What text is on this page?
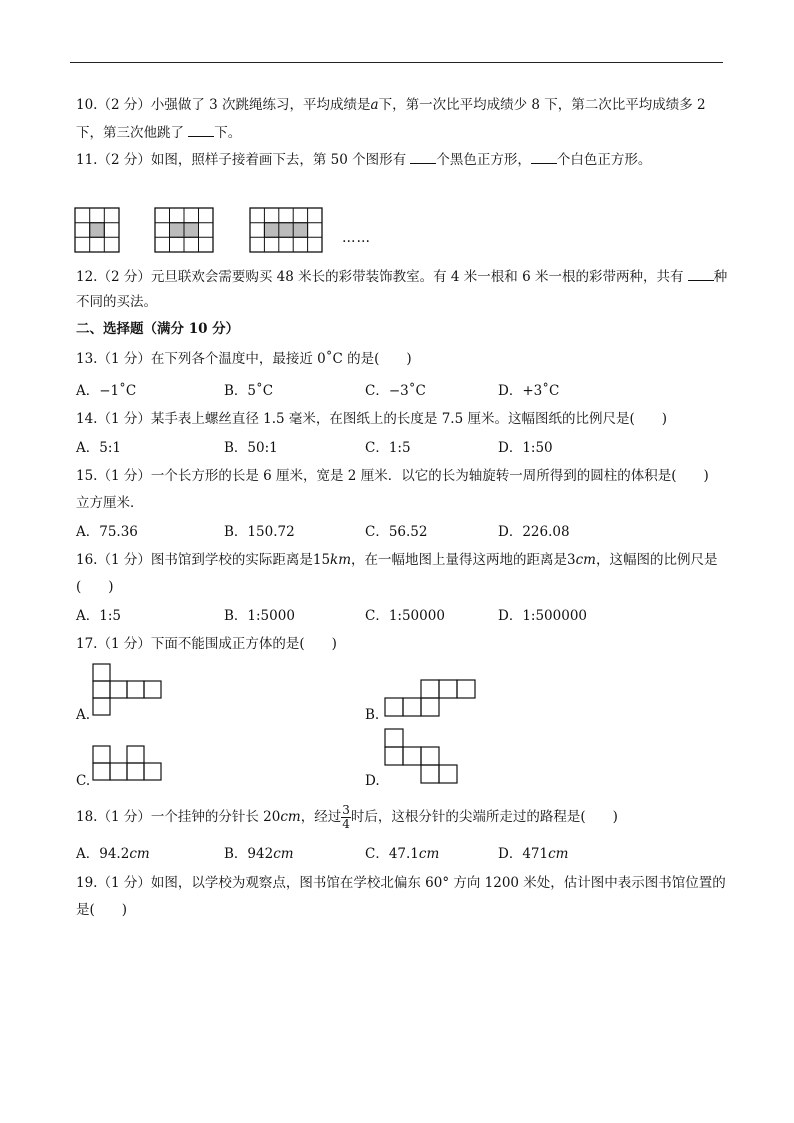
10.（2 分）小强做了 3 次跳绳练习，平均成绩是a下，第一次比平均成绩少 8 下，第二次比平均成绩多 2
下，第三次他跳了 下。
11.（2 分）如图，照样子接着画下去，第 50 个图形有 个黑色正方形， 个白色正方形。
……
12.（2 分）元旦联欢会需要购买 48 米长的彩带装饰教室。有 4 米一根和 6 米一根的彩带两种，共有 种
不同的买法。
二、选择题（满分 10 分）
13.（1 分）在下列各个温度中，最接近 0˚C 的是(　　)
A．−1˚C	B．5˚C	C．−3˚C	D．+3˚C
14.（1 分）某手表上螺丝直径 1.5 毫米，在图纸上的长度是 7.5 厘米。这幅图纸的比例尺是(　　)
A．5:1	B．50:1	C．1:5	D．1:50
15.（1 分）一个长方形的长是 6 厘米，宽是 2 厘米．以它的长为轴旋转一周所得到的圆柱的体积是(　　)
立方厘米．
A．75.36	B．150.72	C．56.52	D．226.08
16.（1 分）图书馆到学校的实际距离是15km，在一幅地图上量得这两地的距离是3cm，这幅图的比例尺是
(　　)
A．1:5	B．1:5000	C．1:50000	D．1:500000
17.（1 分）下面不能围成正方体的是(　　)
A.	B.
C.	D.
18.（1 分）一个挂钟的分针长 20cm，经过 $\frac{3}{4}$ 时后，这根分针的尖端所走过的路程是(　　)
A．94.2cm	B．942cm	C．47.1cm	D．471cm
19.（1 分）如图，以学校为观察点，图书馆在学校北偏东 60° 方向 1200 米处，估计图中表示图书馆位置的
是(　　)
